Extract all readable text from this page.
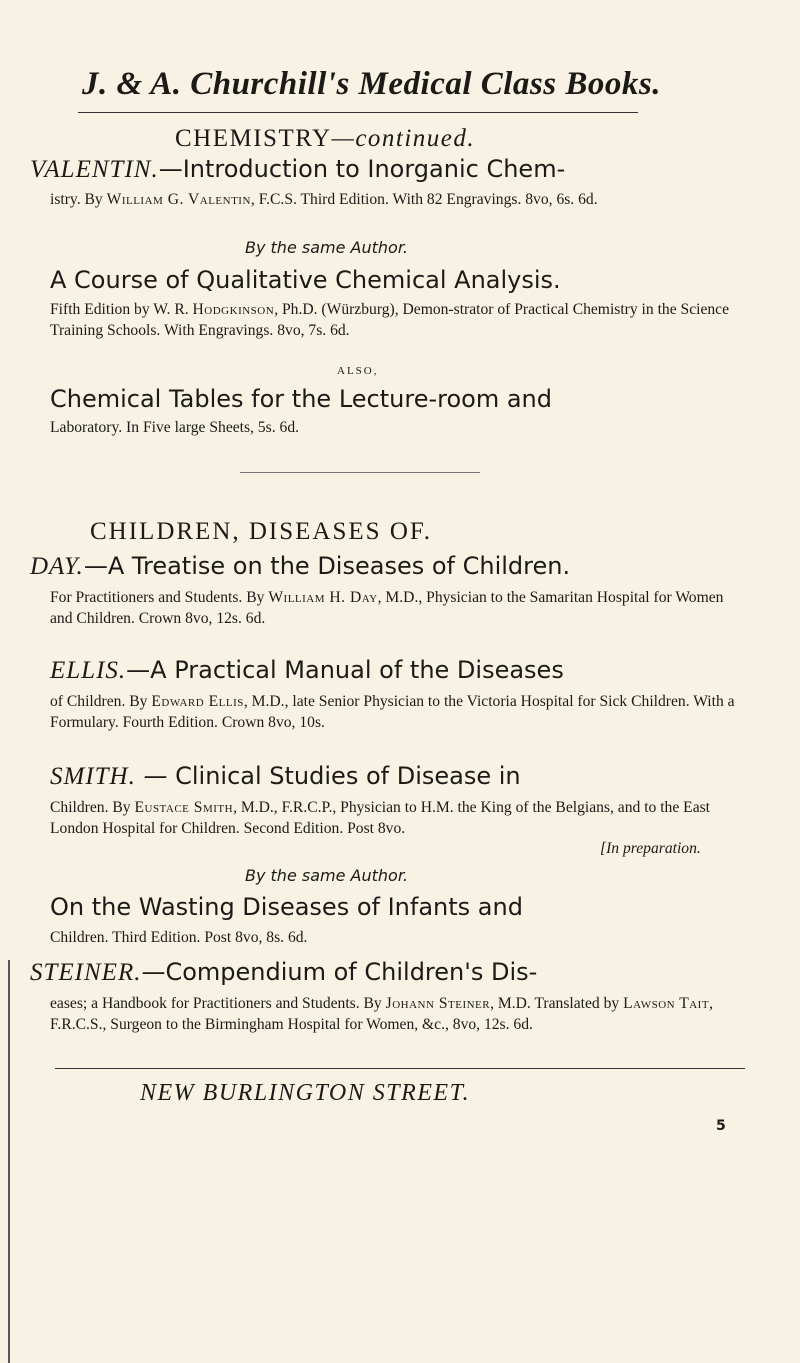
J. & A. Churchill's Medical Class Books.
CHEMISTRY—continued.
VALENTIN.—Introduction to Inorganic Chem-
istry. By William G. Valentin, F.C.S. Third Edition. With 82 Engravings. 8vo, 6s. 6d.
By the same Author.
A Course of Qualitative Chemical Analysis.
Fifth Edition by W. R. Hodgkinson, Ph.D. (Würzburg), Demon-strator of Practical Chemistry in the Science Training Schools. With Engravings. 8vo, 7s. 6d.
ALSO,
Chemical Tables for the Lecture-room and
Laboratory. In Five large Sheets, 5s. 6d.
CHILDREN, DISEASES OF.
DAY.—A Treatise on the Diseases of Children.
For Practitioners and Students. By William H. Day, M.D., Physician to the Samaritan Hospital for Women and Children. Crown 8vo, 12s. 6d.
ELLIS.—A Practical Manual of the Diseases
of Children. By Edward Ellis, M.D., late Senior Physician to the Victoria Hospital for Sick Children. With a Formulary. Fourth Edition. Crown 8vo, 10s.
SMITH. — Clinical Studies of Disease in
Children. By Eustace Smith, M.D., F.R.C.P., Physician to H.M. the King of the Belgians, and to the East London Hospital for Children. Second Edition. Post 8vo.
[In preparation.
By the same Author.
On the Wasting Diseases of Infants and
Children. Third Edition. Post 8vo, 8s. 6d.
STEINER.—Compendium of Children's Dis-
eases; a Handbook for Practitioners and Students. By Johann Steiner, M.D. Translated by Lawson Tait, F.R.C.S., Surgeon to the Birmingham Hospital for Women, &c., 8vo, 12s. 6d.
NEW BURLINGTON STREET.
5
